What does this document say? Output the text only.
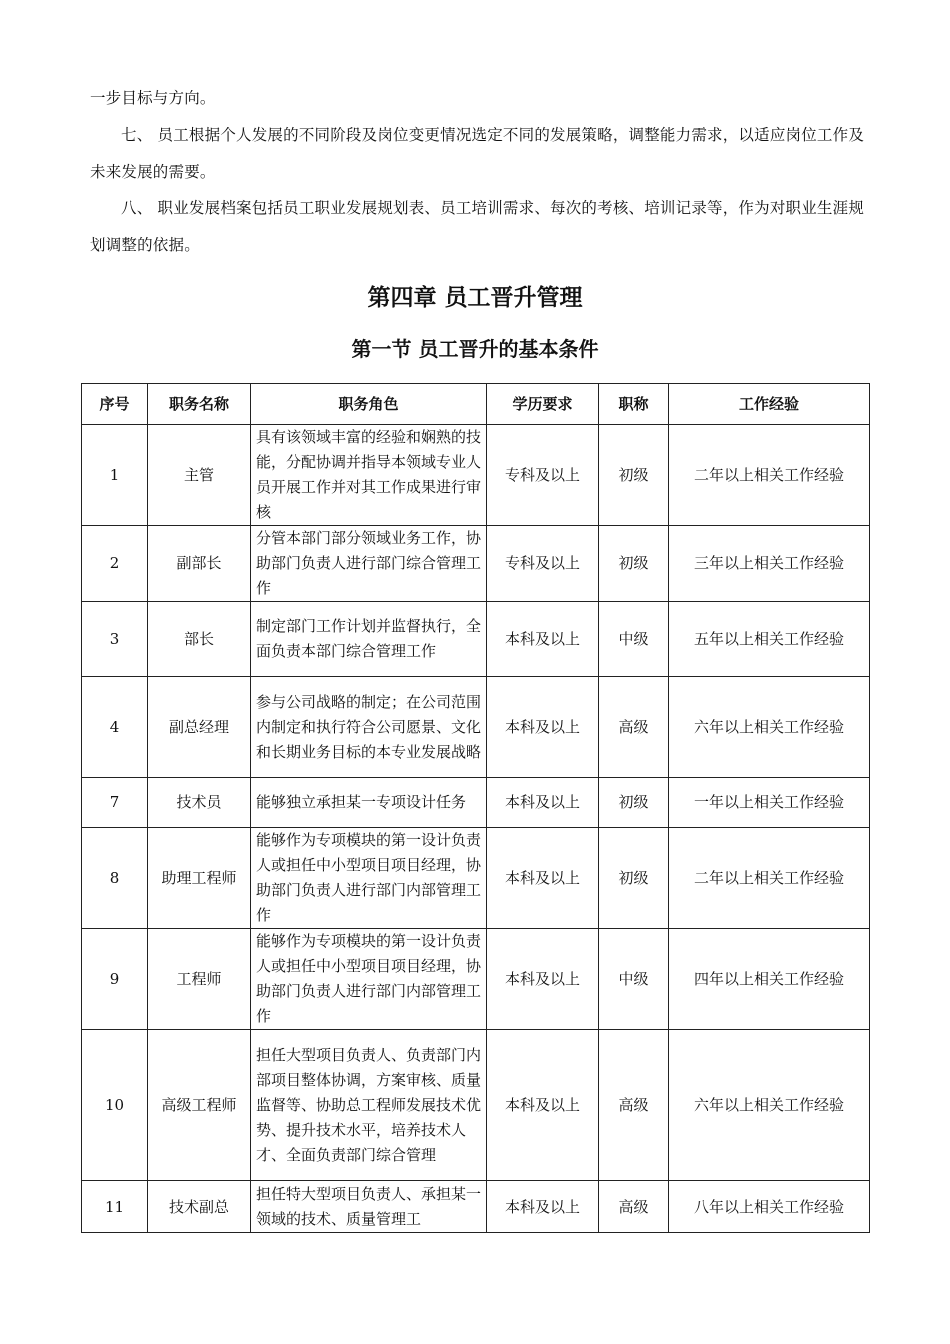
一步目标与方向。

七、 员工根据个人发展的不同阶段及岗位变更情况选定不同的发展策略，调整能力需求，以适应岗位工作及未来发展的需要。

八、 职业发展档案包括员工职业发展规划表、员工培训需求、每次的考核、培训记录等，作为对职业生涯规划调整的依据。

第四章 员工晋升管理
第一节 员工晋升的基本条件
序号	职务名称	职务角色	学历要求	职称	工作经验
1	主管	具有该领域丰富的经验和娴熟的技能，分配协调并指导本领域专业人员开展工作并对其工作成果进行审核	专科及以上	初级	二年以上相关工作经验
2	副部长	分管本部门部分领域业务工作，协助部门负责人进行部门综合管理工作	专科及以上	初级	三年以上相关工作经验
3	部长	制定部门工作计划并监督执行，全面负责本部门综合管理工作	本科及以上	中级	五年以上相关工作经验
4	副总经理	参与公司战略的制定；在公司范围内制定和执行符合公司愿景、文化和长期业务目标的本专业发展战略	本科及以上	高级	六年以上相关工作经验
7	技术员	能够独立承担某一专项设计任务	本科及以上	初级	一年以上相关工作经验
8	助理工程师	能够作为专项模块的第一设计负责人或担任中小型项目项目经理，协助部门负责人进行部门内部管理工作	本科及以上	初级	二年以上相关工作经验
9	工程师	能够作为专项模块的第一设计负责人或担任中小型项目项目经理，协助部门负责人进行部门内部管理工作	本科及以上	中级	四年以上相关工作经验
10	高级工程师	担任大型项目负责人、负责部门内部项目整体协调，方案审核、质量监督等、协助总工程师发展技术优势、提升技术水平，培养技术人才、全面负责部门综合管理	本科及以上	高级	六年以上相关工作经验
11	技术副总	担任特大型项目负责人、承担某一领域的技术、质量管理工	本科及以上	高级	八年以上相关工作经验
